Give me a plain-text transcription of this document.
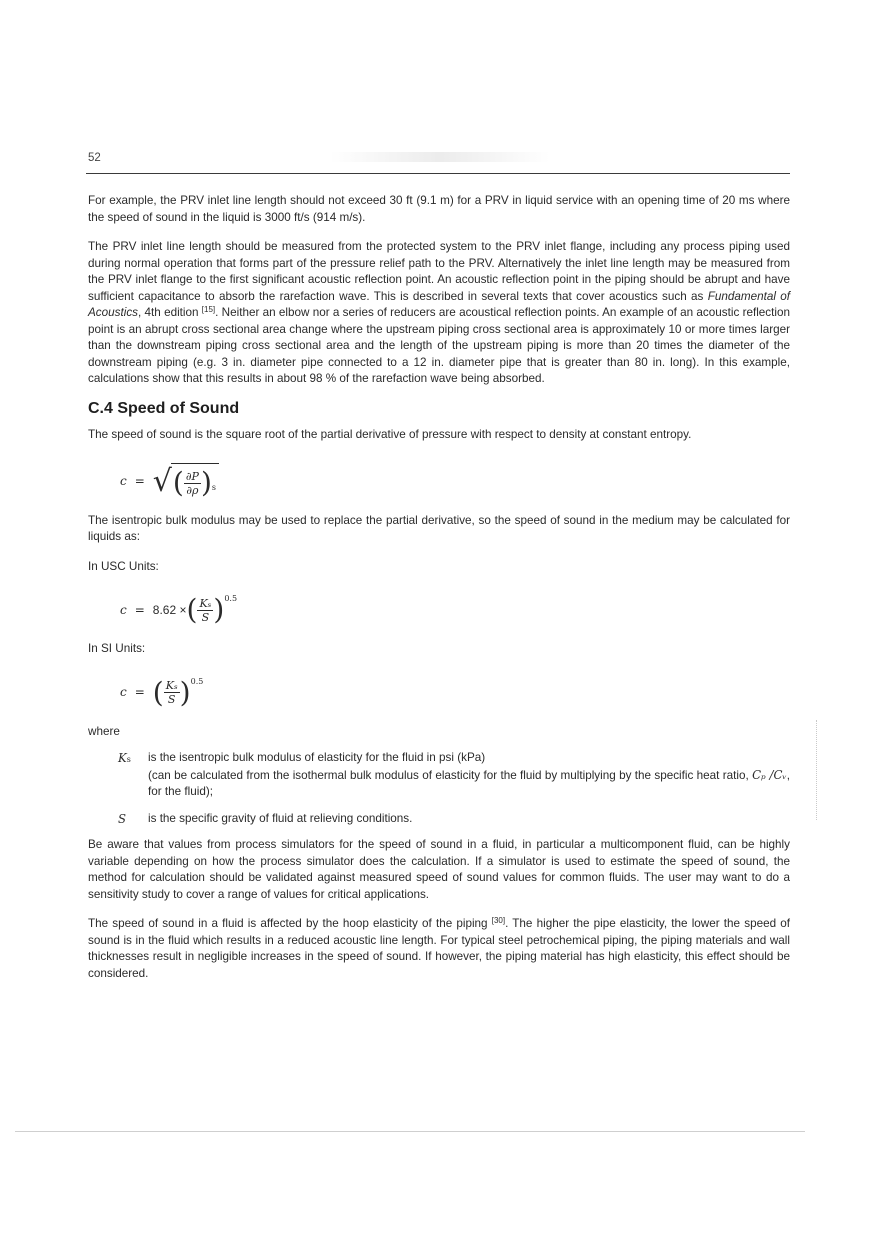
52

For example, the PRV inlet line length should not exceed 30 ft (9.1 m) for a PRV in liquid service with an opening time of 20 ms where the speed of sound in the liquid is 3000 ft/s (914 m/s).

The PRV inlet line length should be measured from the protected system to the PRV inlet flange, including any process piping used during normal operation that forms part of the pressure relief path to the PRV. Alternatively the inlet line length may be measured from the PRV inlet flange to the first significant acoustic reflection point. An acoustic reflection point in the piping should be abrupt and have sufficient capacitance to absorb the rarefaction wave. This is described in several texts that cover acoustics such as Fundamental of Acoustics, 4th edition [15]. Neither an elbow nor a series of reducers are acoustical reflection points. An example of an acoustic reflection point is an abrupt cross sectional area change where the upstream piping cross sectional area is approximately 10 or more times larger than the downstream piping cross sectional area and the length of the upstream piping is more than 20 times the diameter of the downstream piping (e.g. 3 in. diameter pipe connected to a 12 in. diameter pipe that is greater than 80 in. long). In this example, calculations show that this results in about 98 % of the rarefaction wave being absorbed.

C.4 Speed of Sound

The speed of sound is the square root of the partial derivative of pressure with respect to density at constant entropy.

c = √ ( $\frac{\partial P}{\partial\rho}$ ) s

The isentropic bulk modulus may be used to replace the partial derivative, so the speed of sound in the medium may be calculated for liquids as:

In USC Units:
c = 8.62 × ( $\frac{\text{Kₛ}}{S}$ ) 0.5
In SI Units:
c = ( $\frac{\text{Kₛ}}{S}$ ) 0.5
where
Ks	is the isentropic bulk modulus of elasticity for the fluid in psi (kPa)
(can be calculated from the isothermal bulk modulus of elasticity for the fluid by multiplying by the specific heat ratio, Cₚ /Cᵥ, for the fluid);
S	is the specific gravity of fluid at relieving conditions.

Be aware that values from process simulators for the speed of sound in a fluid, in particular a multicomponent fluid, can be highly variable depending on how the process simulator does the calculation. If a simulator is used to estimate the speed of sound, the method for calculation should be validated against measured speed of sound values for common fluids. The user may want to do a sensitivity study to cover a range of values for critical applications.

The speed of sound in a fluid is affected by the hoop elasticity of the piping [30]. The higher the pipe elasticity, the lower the speed of sound is in the fluid which results in a reduced acoustic line length. For typical steel petrochemical piping, the piping materials and wall thicknesses result in negligible increases in the speed of sound. If however, the piping material has high elasticity, this effect should be considered.
